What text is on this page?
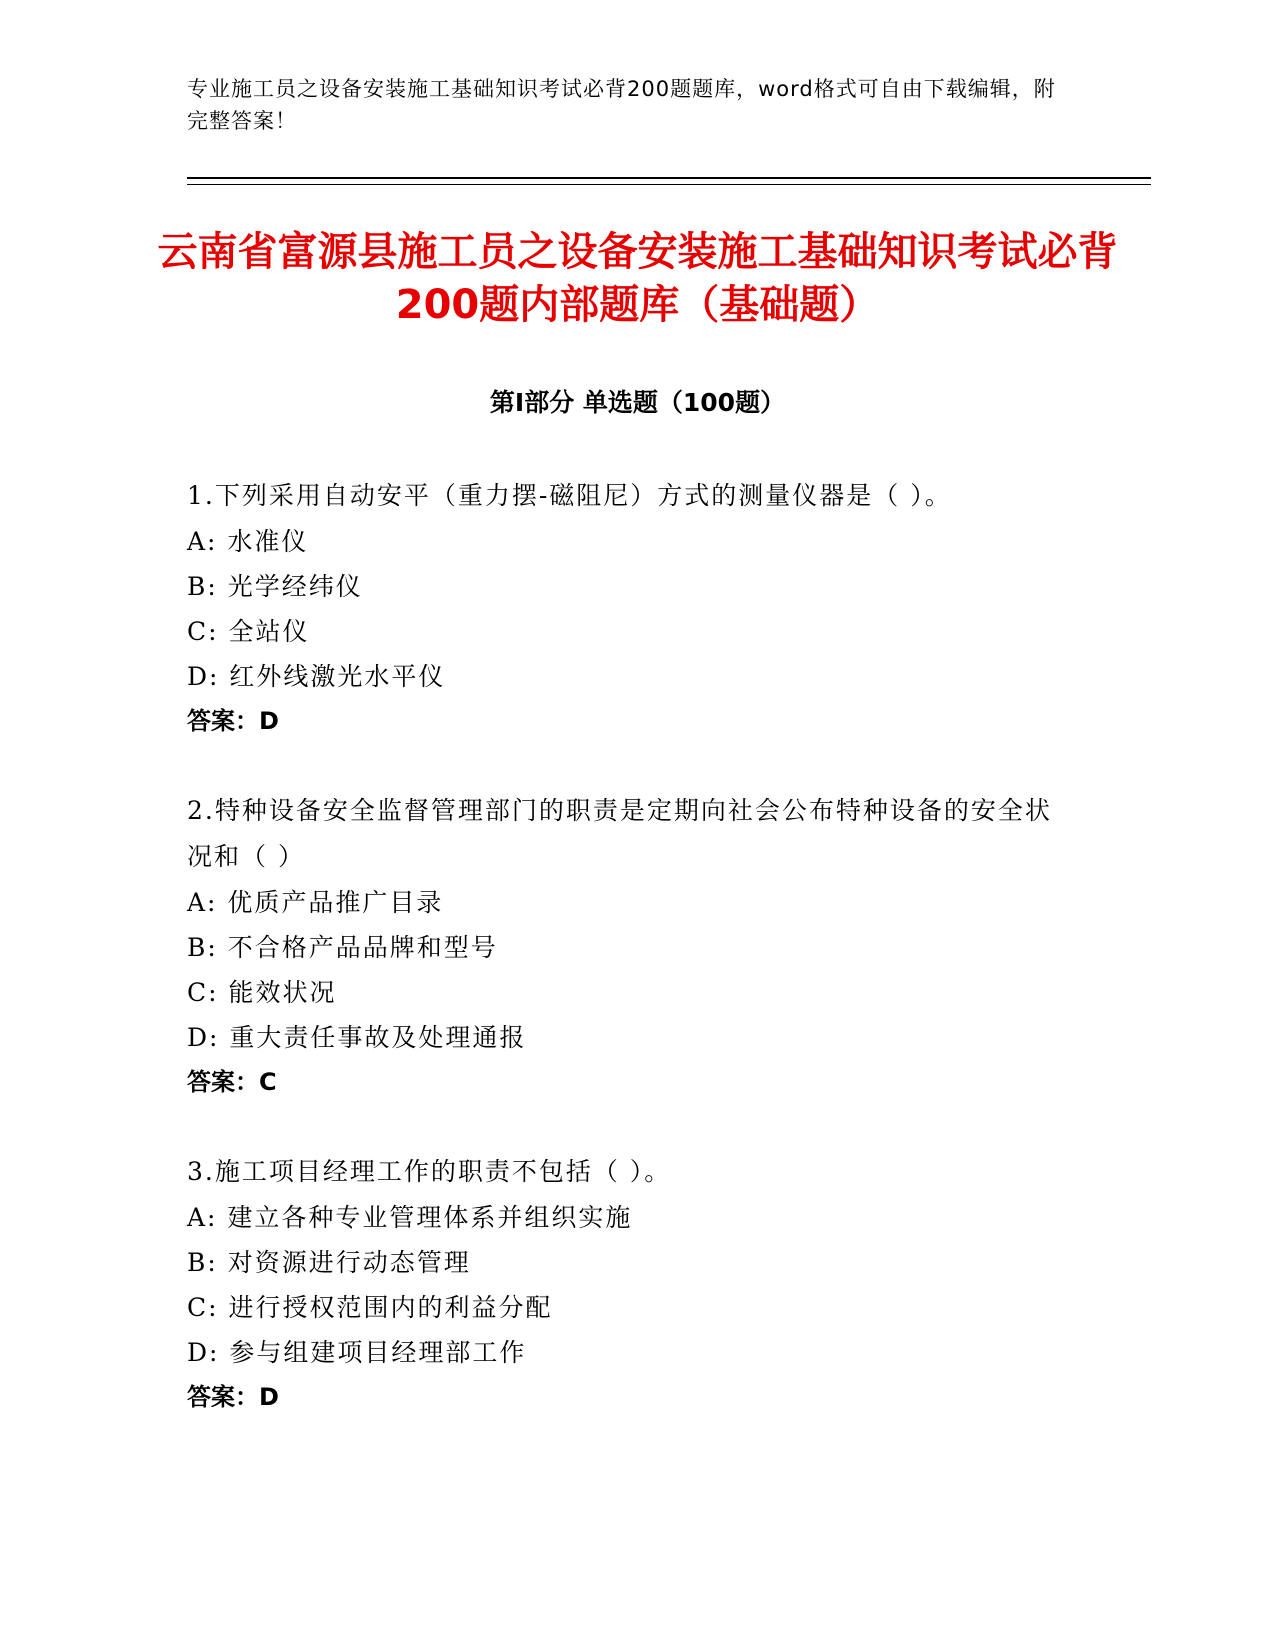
专业施工员之设备安装施工基础知识考试必背200题题库，word格式可自由下载编辑，附完整答案！
云南省富源县施工员之设备安装施工基础知识考试必背200题内部题库（基础题）
第Ⅰ部分 单选题（100题）
1.下列采用自动安平（重力摆-磁阻尼）方式的测量仪器是（ ）。
A: 水准仪
B: 光学经纬仪
C: 全站仪
D: 红外线激光水平仪
答案：D
2.特种设备安全监督管理部门的职责是定期向社会公布特种设备的安全状况和（ ）
A: 优质产品推广目录
B: 不合格产品品牌和型号
C: 能效状况
D: 重大责任事故及处理通报
答案：C
3.施工项目经理工作的职责不包括（ ）。
A: 建立各种专业管理体系并组织实施
B: 对资源进行动态管理
C: 进行授权范围内的利益分配
D: 参与组建项目经理部工作
答案：D
